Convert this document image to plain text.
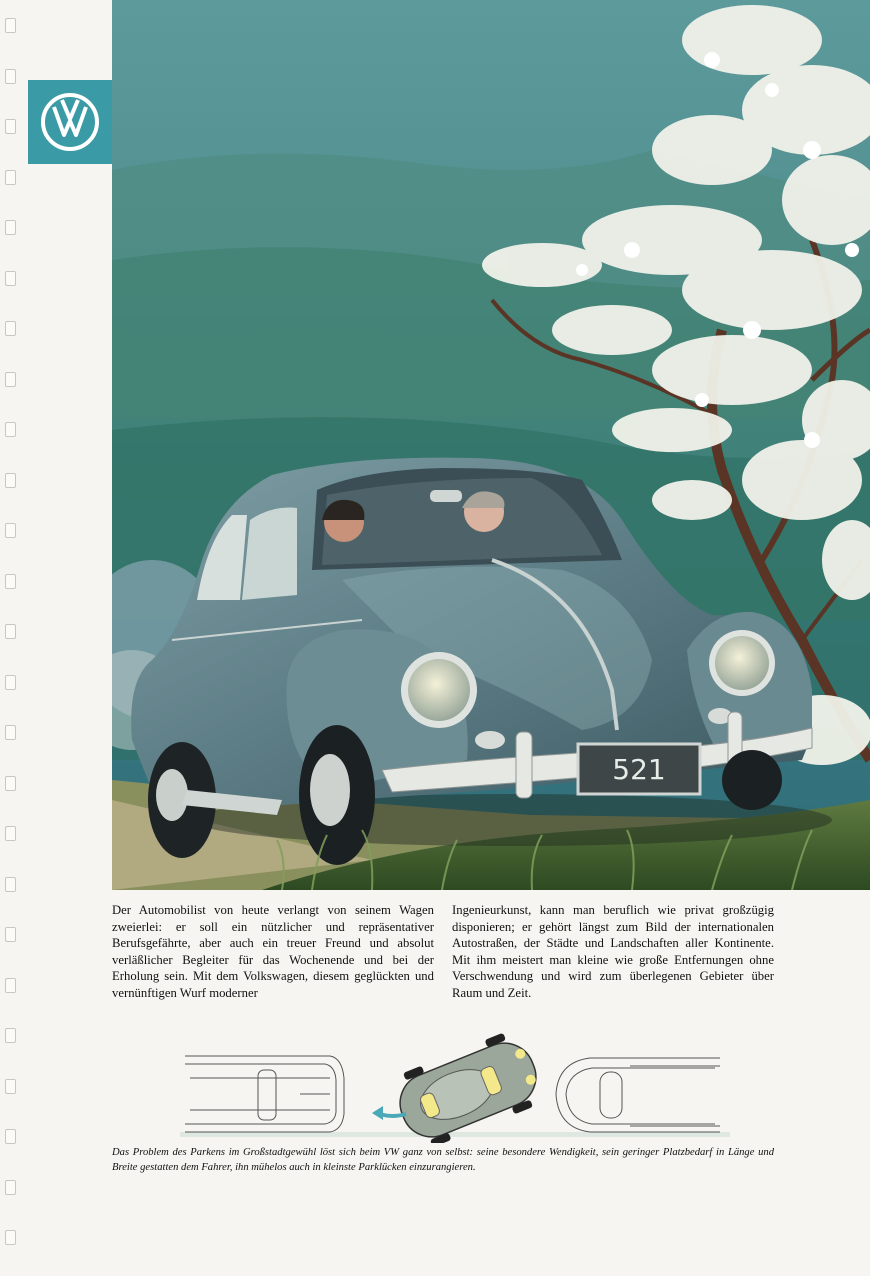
521
Der Automobilist von heute verlangt von seinem Wagen zweierlei: er soll ein nützlicher und repräsentativer Berufsgefährte, aber auch ein treuer Freund und absolut verläßlicher Begleiter für das Wochenende und bei der Erholung sein. Mit dem Volkswagen, diesem geglückten und vernünftigen Wurf moderner
Ingenieurkunst, kann man beruflich wie privat großzügig disponieren; er gehört längst zum Bild der internationalen Autostraßen, der Städte und Landschaften aller Kontinente. Mit ihm meistert man kleine wie große Entfernungen ohne Verschwendung und wird zum überlegenen Gebieter über Raum und Zeit.
Das Problem des Parkens im Großstadtgewühl löst sich beim VW ganz von selbst: seine besondere Wendigkeit, sein geringer Platzbedarf in Länge und Breite gestatten dem Fahrer, ihn mühelos auch in kleinste Parklücken einzurangieren.
